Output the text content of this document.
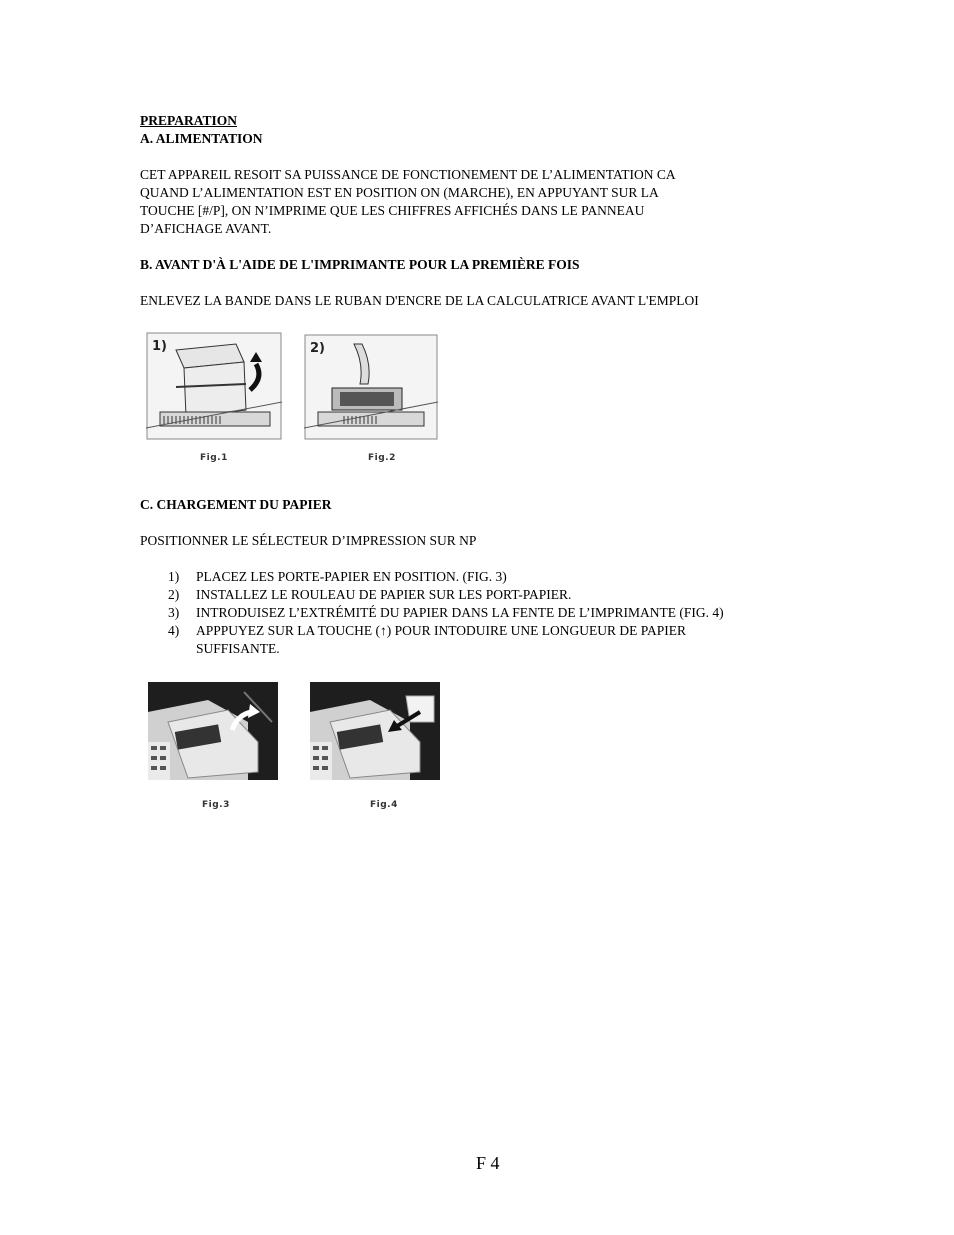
PREPARATION
A. ALIMENTATION
CET APPAREIL RESOIT SA PUISSANCE DE FONCTIONEMENT DE L’ALIMENTATION CA
QUAND L’ALIMENTATION EST EN POSITION ON (MARCHE), EN APPUYANT SUR LA
TOUCHE [#/P], ON N’IMPRIME QUE LES CHIFFRES AFFICHÉS DANS LE PANNEAU
D’AFICHAGE AVANT.
B. AVANT D'À L'AIDE DE L'IMPRIMANTE POUR LA PREMIÈRE FOIS
ENLEVEZ LA BANDE DANS LE RUBAN D'ENCRE DE LA CALCULATRICE AVANT L'EMPLOI
1)
Fig.1
2)
Fig.2
C. CHARGEMENT DU PAPIER
POSITIONNER LE SÉLECTEUR D’IMPRESSION SUR NP
1)	PLACEZ LES PORTE-PAPIER EN POSITION. (FIG. 3)
2)	INSTALLEZ LE ROULEAU DE PAPIER SUR LES PORT-PAPIER.
3)	INTRODUISEZ L’EXTRÉMITÉ DU PAPIER DANS LA FENTE DE L’IMPRIMANTE (FIG. 4)
4)	APPPUYEZ SUR LA TOUCHE (↑) POUR INTODUIRE UNE LONGUEUR DE PAPIER
SUFFISANTE.
Fig.3	Fig.4
F 4
